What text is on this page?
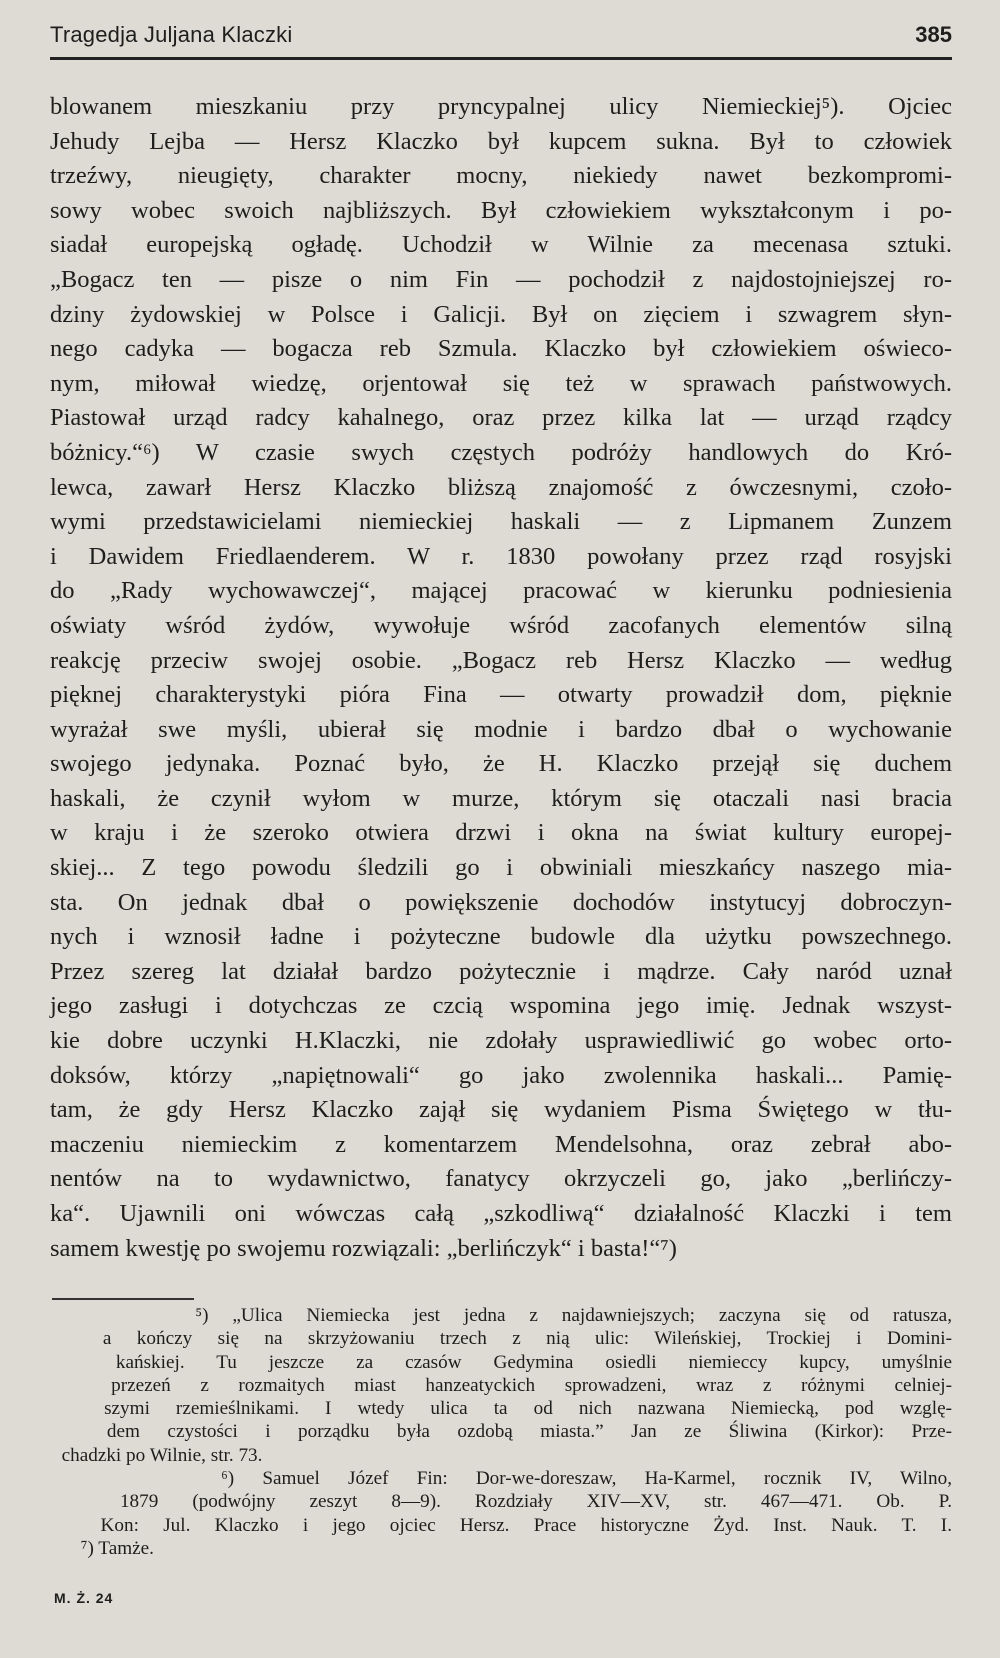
Tragedja Juljana Klaczki	385
blowanem mieszkaniu przy pryncypalnej ulicy Niemieckiej⁵). Ojciec
Jehudy Lejba — Hersz Klaczko był kupcem sukna. Był to człowiek
trzeźwy, nieugięty, charakter mocny, niekiedy nawet bezkompromi-
sowy wobec swoich najbliższych. Był człowiekiem wykształconym i po-
siadał europejską ogładę. Uchodził w Wilnie za mecenasa sztuki.
„Bogacz ten — pisze o nim Fin — pochodził z najdostojniejszej ro-
dziny żydowskiej w Polsce i Galicji. Był on zięciem i szwagrem słyn-
nego cadyka — bogacza reb Szmula. Klaczko był człowiekiem oświeco-
nym, miłował wiedzę, orjentował się też w sprawach państwowych.
Piastował urząd radcy kahalnego, oraz przez kilka lat — urząd rządcy
bóżnicy.“⁶) W czasie swych częstych podróży handlowych do Kró-
lewca, zawarł Hersz Klaczko bliższą znajomość z ówczesnymi, czoło-
wymi przedstawicielami niemieckiej haskali — z Lipmanem Zunzem
i Dawidem Friedlaenderem. W r. 1830 powołany przez rząd rosyjski
do „Rady wychowawczej“, mającej pracować w kierunku podniesienia
oświaty wśród żydów, wywołuje wśród zacofanych elementów silną
reakcję przeciw swojej osobie. „Bogacz reb Hersz Klaczko — według
pięknej charakterystyki pióra Fina — otwarty prowadził dom, pięknie
wyrażał swe myśli, ubierał się modnie i bardzo dbał o wychowanie
swojego jedynaka. Poznać było, że H. Klaczko przejął się duchem
haskali, że czynił wyłom w murze, którym się otaczali nasi bracia
w kraju i że szeroko otwiera drzwi i okna na świat kultury europej-
skiej... Z tego powodu śledzili go i obwiniali mieszkańcy naszego mia-
sta. On jednak dbał o powiększenie dochodów instytucyj dobroczyn-
nych i wznosił ładne i pożyteczne budowle dla użytku powszechnego.
Przez szereg lat działał bardzo pożytecznie i mądrze. Cały naród uznał
jego zasługi i dotychczas ze czcią wspomina jego imię. Jednak wszyst-
kie dobre uczynki H.Klaczki, nie zdołały usprawiedliwić go wobec orto-
doksów, którzy „napiętnowali“ go jako zwolennika haskali... Pamię-
tam, że gdy Hersz Klaczko zajął się wydaniem Pisma Świętego w tłu-
maczeniu niemieckim z komentarzem Mendelsohna, oraz zebrał abo-
nentów na to wydawnictwo, fanatycy okrzyczeli go, jako „berlińczy-
ka“. Ujawnili oni wówczas całą „szkodliwą“ działalność Klaczki i tem
samem kwestję po swojemu rozwiązali: „berlińczyk“ i basta!“⁷)
⁵) „Ulica Niemiecka jest jedna z najdawniejszych; zaczyna się od ratusza,
a kończy się na skrzyżowaniu trzech z nią ulic: Wileńskiej, Trockiej i Domini-
kańskiej. Tu jeszcze za czasów Gedymina osiedli niemieccy kupcy, umyślnie
przezeń z rozmaitych miast hanzeatyckich sprowadzeni, wraz z różnymi celniej-
szymi rzemieślnikami. I wtedy ulica ta od nich nazwana Niemiecką, pod wzglę-
dem czystości i porządku była ozdobą miasta.” Jan ze Śliwina (Kirkor): Prze-
chadzki po Wilnie, str. 73.
⁶) Samuel Józef Fin: Dor-we-doreszaw, Ha-Karmel, rocznik IV, Wilno,
1879 (podwójny zeszyt 8—9). Rozdziały XIV—XV, str. 467—471. Ob. P.
Kon: Jul. Klaczko i jego ojciec Hersz. Prace historyczne Żyd. Inst. Nauk. T. I.
⁷) Tamże.
M. Ż. 24
